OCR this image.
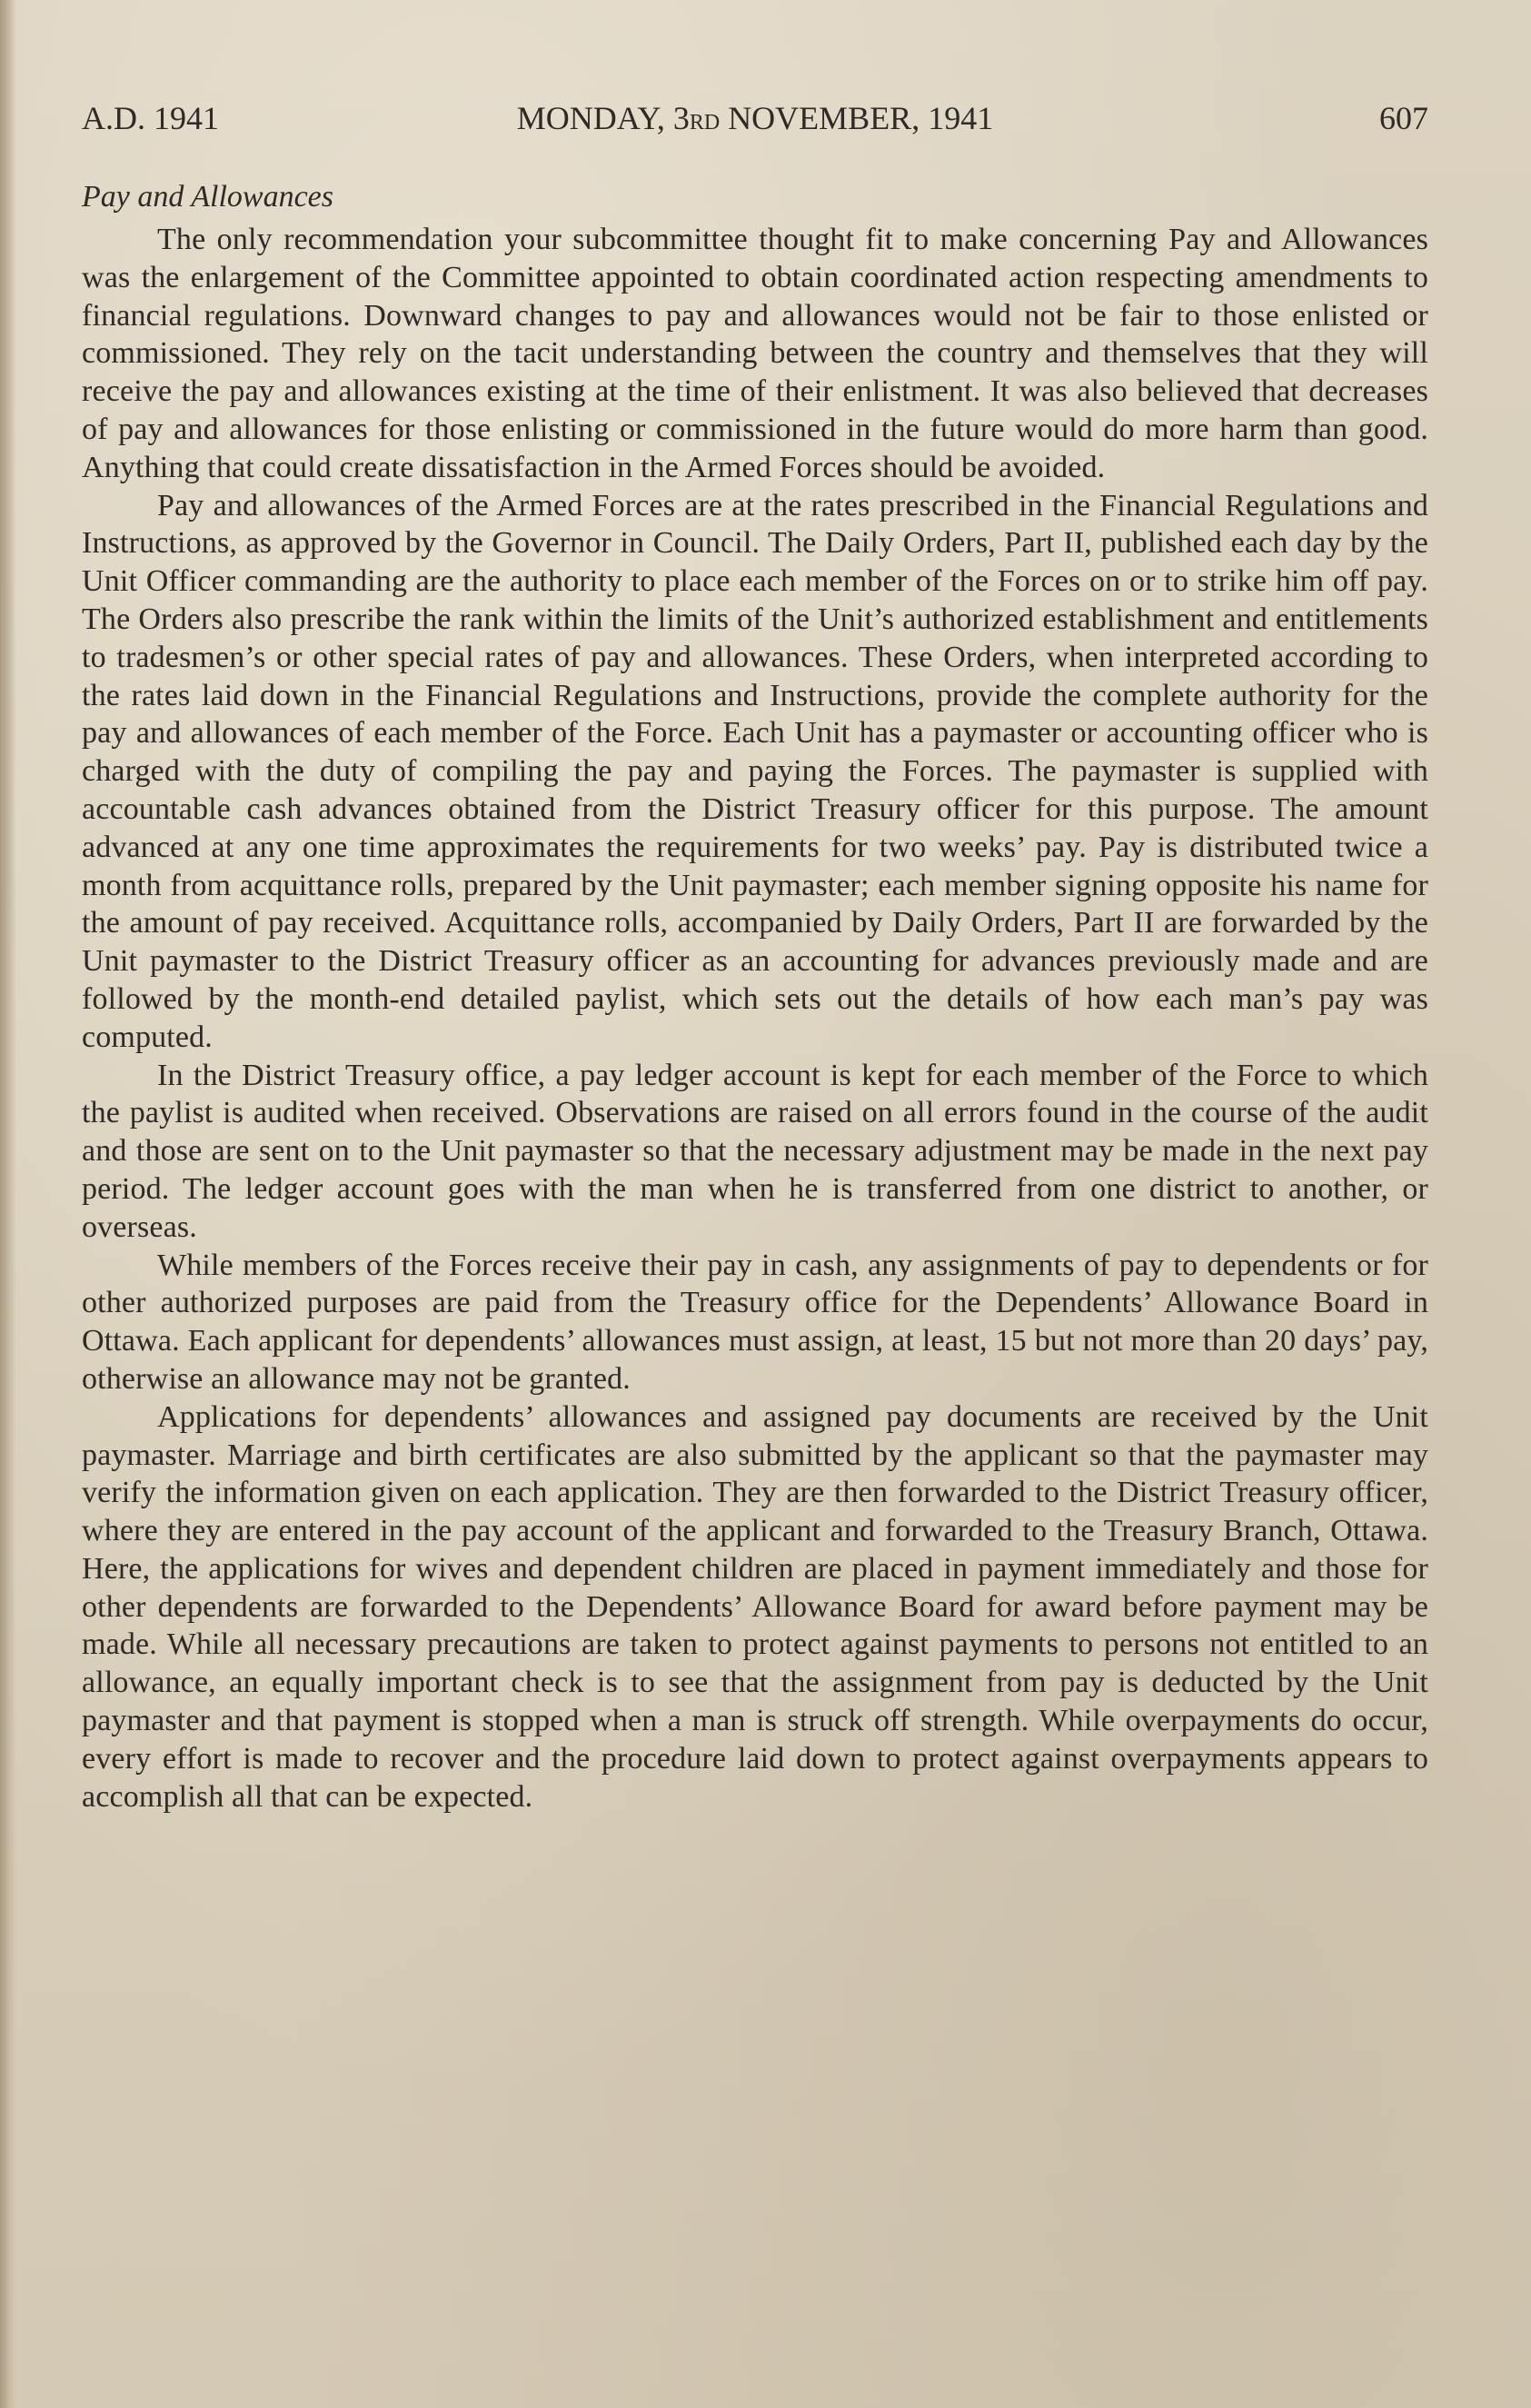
A.D. 1941	MONDAY, 3RD NOVEMBER, 1941	607
Pay and Allowances

The only recommendation your subcommittee thought fit to make concerning Pay and Allowances was the enlargement of the Committee appointed to obtain coordinated action respecting amendments to financial regulations. Downward changes to pay and allowances would not be fair to those enlisted or commissioned. They rely on the tacit understanding between the country and themselves that they will receive the pay and allowances existing at the time of their enlistment. It was also believed that decreases of pay and allowances for those enlisting or commissioned in the future would do more harm than good. Anything that could create dissatisfaction in the Armed Forces should be avoided.

Pay and allowances of the Armed Forces are at the rates prescribed in the Financial Regulations and Instructions, as approved by the Governor in Council. The Daily Orders, Part II, published each day by the Unit Officer commanding are the authority to place each member of the Forces on or to strike him off pay. The Orders also prescribe the rank within the limits of the Unit’s authorized establishment and entitlements to tradesmen’s or other special rates of pay and allowances. These Orders, when interpreted according to the rates laid down in the Financial Regulations and Instructions, provide the complete authority for the pay and allowances of each member of the Force. Each Unit has a paymaster or accounting officer who is charged with the duty of compiling the pay and paying the Forces. The paymaster is supplied with accountable cash advances obtained from the District Treasury officer for this purpose. The amount advanced at any one time approximates the requirements for two weeks’ pay. Pay is distributed twice a month from acquittance rolls, prepared by the Unit paymaster; each member signing opposite his name for the amount of pay received. Acquittance rolls, accompanied by Daily Orders, Part II are forwarded by the Unit paymaster to the District Treasury officer as an accounting for advances previously made and are followed by the month-end detailed paylist, which sets out the details of how each man’s pay was computed.

In the District Treasury office, a pay ledger account is kept for each member of the Force to which the paylist is audited when received. Observations are raised on all errors found in the course of the audit and those are sent on to the Unit paymaster so that the necessary adjustment may be made in the next pay period. The ledger account goes with the man when he is transferred from one district to another, or overseas.

While members of the Forces receive their pay in cash, any assignments of pay to dependents or for other authorized purposes are paid from the Treasury office for the Dependents’ Allowance Board in Ottawa. Each applicant for dependents’ allowances must assign, at least, 15 but not more than 20 days’ pay, otherwise an allowance may not be granted.

Applications for dependents’ allowances and assigned pay documents are received by the Unit paymaster. Marriage and birth certificates are also submitted by the applicant so that the paymaster may verify the information given on each application. They are then forwarded to the District Treasury officer, where they are entered in the pay account of the applicant and forwarded to the Treasury Branch, Ottawa. Here, the applications for wives and dependent children are placed in payment immediately and those for other dependents are forwarded to the Dependents’ Allowance Board for award before payment may be made. While all necessary precautions are taken to protect against payments to persons not entitled to an allowance, an equally important check is to see that the assignment from pay is deducted by the Unit paymaster and that payment is stopped when a man is struck off strength. While overpayments do occur, every effort is made to recover and the procedure laid down to protect against overpayments appears to accomplish all that can be expected.
